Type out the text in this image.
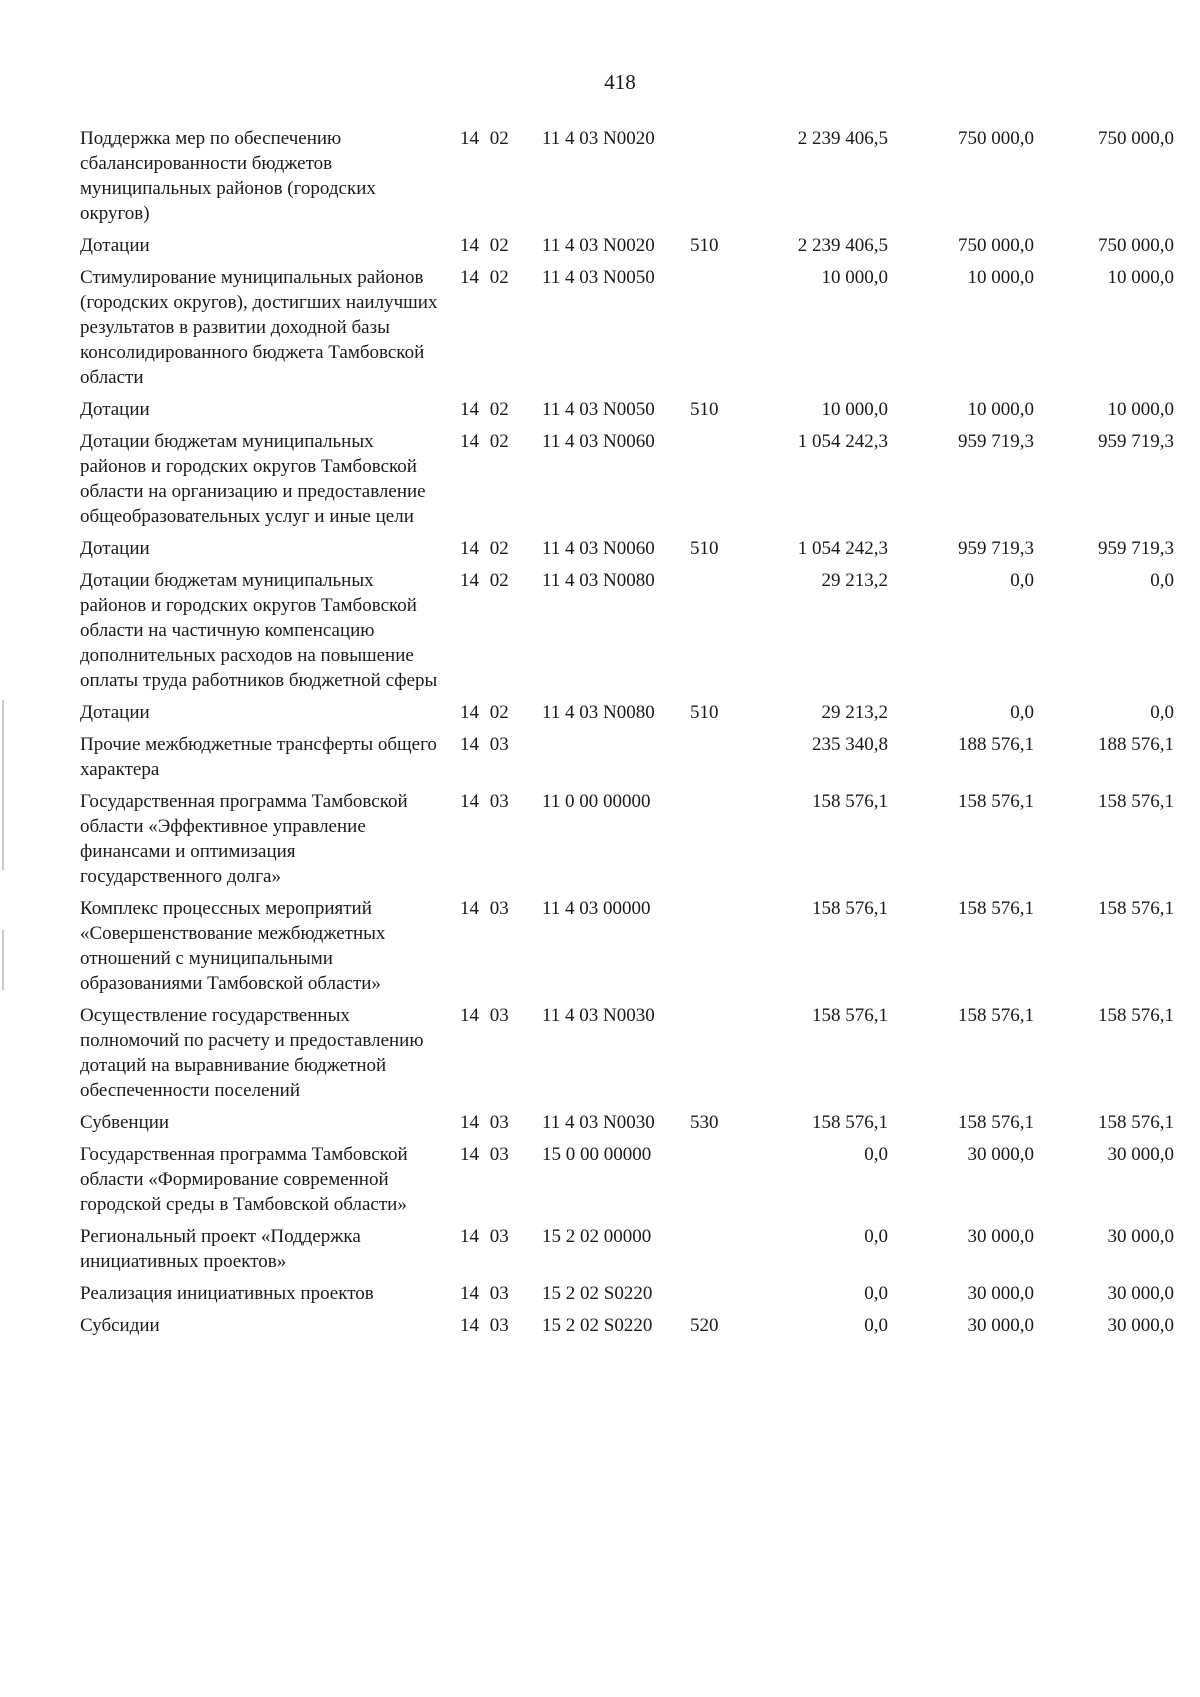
418
Поддержка мер по обеспечению сбалансированности бюджетов муниципальных районов (городских округов)	14 02	11 4 03 N0020		2 239 406,5	750 000,0	750 000,0
Дотации	14 02	11 4 03 N0020	510	2 239 406,5	750 000,0	750 000,0
Стимулирование муниципальных районов (городских округов), достигших наилучших результатов в развитии доходной базы консолидированного бюджета Тамбовской области	14 02	11 4 03 N0050		10 000,0	10 000,0	10 000,0
Дотации	14 02	11 4 03 N0050	510	10 000,0	10 000,0	10 000,0
Дотации бюджетам муниципальных районов и городских округов Тамбовской области на организацию и предоставление общеобразовательных услуг и иные цели	14 02	11 4 03 N0060		1 054 242,3	959 719,3	959 719,3
Дотации	14 02	11 4 03 N0060	510	1 054 242,3	959 719,3	959 719,3
Дотации бюджетам муниципальных районов и городских округов Тамбовской области на частичную компенсацию дополнительных расходов на повышение оплаты труда работников бюджетной сферы	14 02	11 4 03 N0080		29 213,2	0,0	0,0
Дотации	14 02	11 4 03 N0080	510	29 213,2	0,0	0,0
Прочие межбюджетные трансферты общего характера	14 03			235 340,8	188 576,1	188 576,1
Государственная программа Тамбовской области «Эффективное управление финансами и оптимизация государственного долга»	14 03	11 0 00 00000		158 576,1	158 576,1	158 576,1
Комплекс процессных мероприятий «Совершенствование межбюджетных отношений с муниципальными образованиями Тамбовской области»	14 03	11 4 03 00000		158 576,1	158 576,1	158 576,1
Осуществление государственных полномочий по расчету и предоставлению дотаций на выравнивание бюджетной обеспеченности поселений	14 03	11 4 03 N0030		158 576,1	158 576,1	158 576,1
Субвенции	14 03	11 4 03 N0030	530	158 576,1	158 576,1	158 576,1
Государственная программа Тамбовской области «Формирование современной городской среды в Тамбовской области»	14 03	15 0 00 00000		0,0	30 000,0	30 000,0
Региональный проект «Поддержка инициативных проектов»	14 03	15 2 02 00000		0,0	30 000,0	30 000,0
Реализация инициативных проектов	14 03	15 2 02 S0220		0,0	30 000,0	30 000,0
Субсидии	14 03	15 2 02 S0220	520	0,0	30 000,0	30 000,0
